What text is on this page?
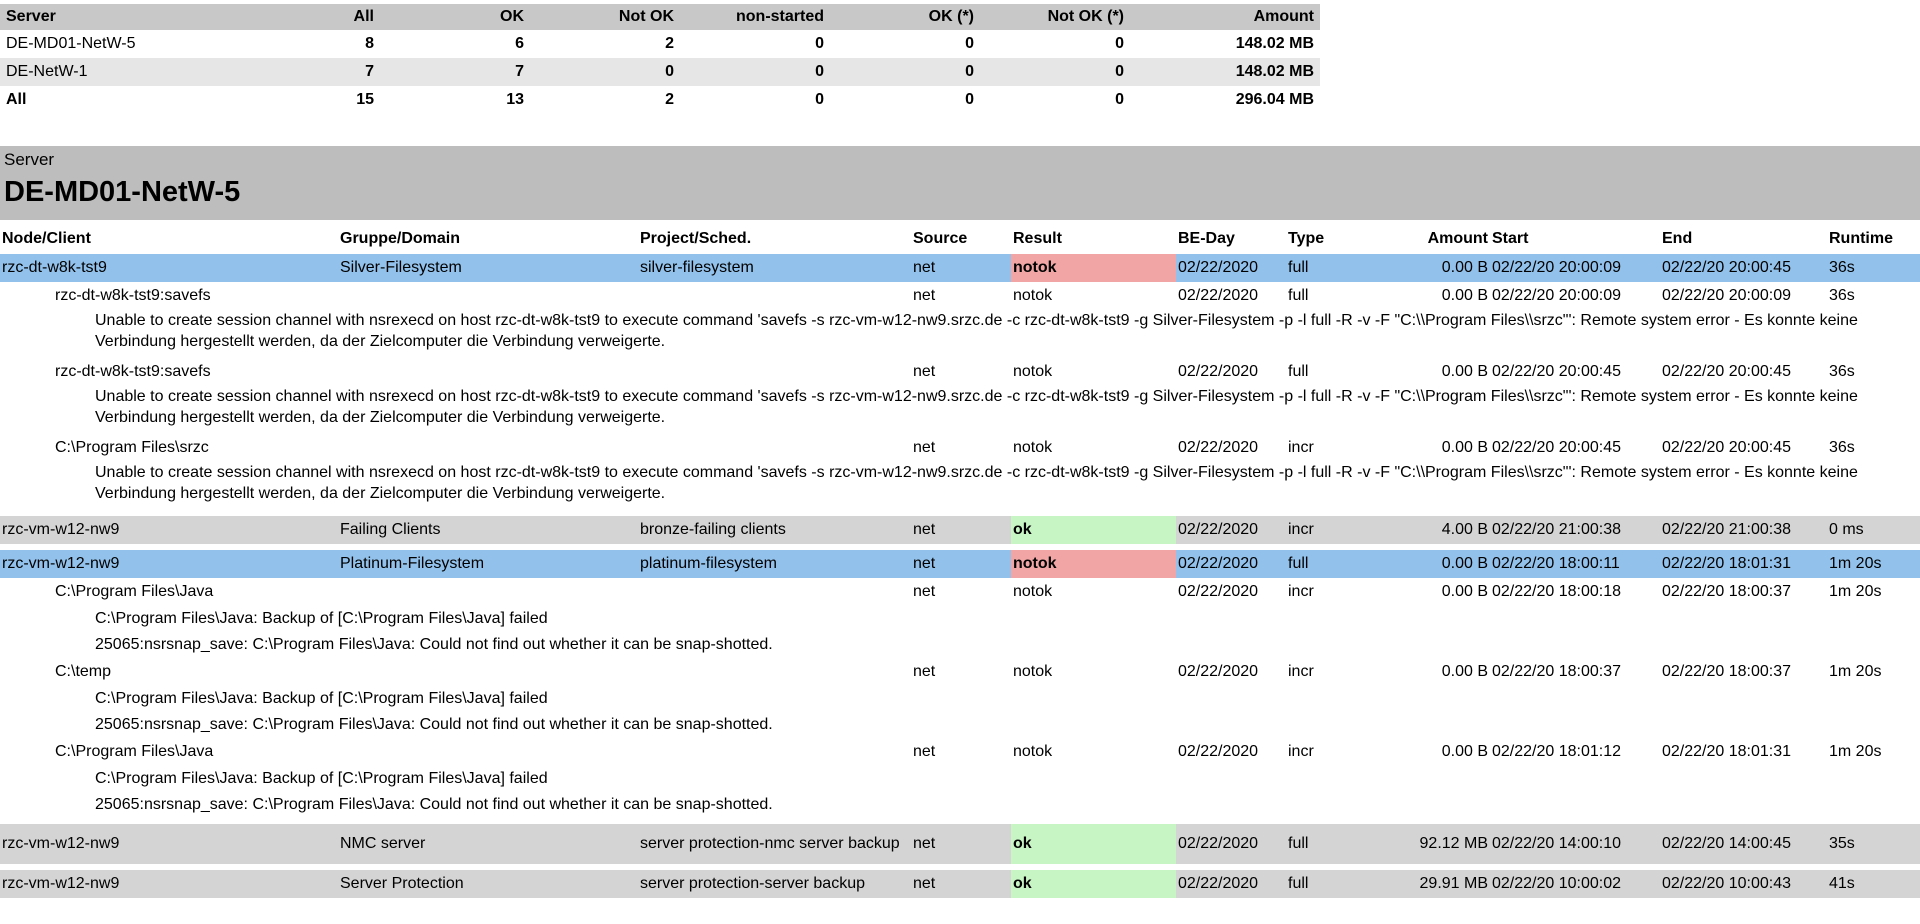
Server	All	OK	Not OK	non-started	OK (*)	Not OK (*)	Amount
DE-MD01-NetW-5	8	6	2	0	0	0	148.02 MB
DE-NetW-1	7	7	0	0	0	0	148.02 MB
All	15	13	2	0	0	0	296.04 MB
Server
DE-MD01-NetW-5
Node/Client	Gruppe/Domain	Project/Sched.	Source	Result	BE-Day	Type	Amount	Start	End	Runtime
rzc-dt-w8k-tst9	Silver-Filesystem	silver-filesystem	net	notok	02/22/2020	full	0.00 B	02/22/20 20:00:09	02/22/20 20:00:45	36s
rzc-dt-w8k-tst9:savefs			net	notok	02/22/2020	full	0.00 B	02/22/20 20:00:09	02/22/20 20:00:09	36s
Unable to create session channel with nsrexecd on host rzc-dt-w8k-tst9 to execute command 'savefs -s rzc-vm-w12-nw9.srzc.de -c rzc-dt-w8k-tst9 -g Silver-Filesystem -p -l full -R -v -F "C:\\Program Files\\srzc"': Remote system error - Es konnte keine Verbindung hergestellt werden, da der Zielcomputer die Verbindung verweigerte.										

rzc-dt-w8k-tst9:savefs			net	notok	02/22/2020	full	0.00 B	02/22/20 20:00:45	02/22/20 20:00:45	36s
Unable to create session channel with nsrexecd on host rzc-dt-w8k-tst9 to execute command 'savefs -s rzc-vm-w12-nw9.srzc.de -c rzc-dt-w8k-tst9 -g Silver-Filesystem -p -l full -R -v -F "C:\\Program Files\\srzc"': Remote system error - Es konnte keine Verbindung hergestellt werden, da der Zielcomputer die Verbindung verweigerte.										

C:\Program Files\srzc			net	notok	02/22/2020	incr	0.00 B	02/22/20 20:00:45	02/22/20 20:00:45	36s
Unable to create session channel with nsrexecd on host rzc-dt-w8k-tst9 to execute command 'savefs -s rzc-vm-w12-nw9.srzc.de -c rzc-dt-w8k-tst9 -g Silver-Filesystem -p -l full -R -v -F "C:\\Program Files\\srzc"': Remote system error - Es konnte keine Verbindung hergestellt werden, da der Zielcomputer die Verbindung verweigerte.										

rzc-vm-w12-nw9	Failing Clients	bronze-failing clients	net	ok	02/22/2020	incr	4.00 B	02/22/20 21:00:38	02/22/20 21:00:38	0 ms

rzc-vm-w12-nw9	Platinum-Filesystem	platinum-filesystem	net	notok	02/22/2020	full	0.00 B	02/22/20 18:00:11	02/22/20 18:01:31	1m 20s
C:\Program Files\Java			net	notok	02/22/2020	incr	0.00 B	02/22/20 18:00:18	02/22/20 18:00:37	1m 20s
C:\Program Files\Java: Backup of [C:\Program Files\Java] failed										
25065:nsrsnap_save: C:\Program Files\Java: Could not find out whether it can be snap-shotted.										
C:\temp			net	notok	02/22/2020	incr	0.00 B	02/22/20 18:00:37	02/22/20 18:00:37	1m 20s
C:\Program Files\Java: Backup of [C:\Program Files\Java] failed										
25065:nsrsnap_save: C:\Program Files\Java: Could not find out whether it can be snap-shotted.										
C:\Program Files\Java			net	notok	02/22/2020	incr	0.00 B	02/22/20 18:01:12	02/22/20 18:01:31	1m 20s
C:\Program Files\Java: Backup of [C:\Program Files\Java] failed										
25065:nsrsnap_save: C:\Program Files\Java: Could not find out whether it can be snap-shotted.										

rzc-vm-w12-nw9	NMC server	server protection-nmc server backup	net	ok	02/22/2020	full	92.12 MB	02/22/20 14:00:10	02/22/20 14:00:45	35s

rzc-vm-w12-nw9	Server Protection	server protection-server backup	net	ok	02/22/2020	full	29.91 MB	02/22/20 10:00:02	02/22/20 10:00:43	41s
